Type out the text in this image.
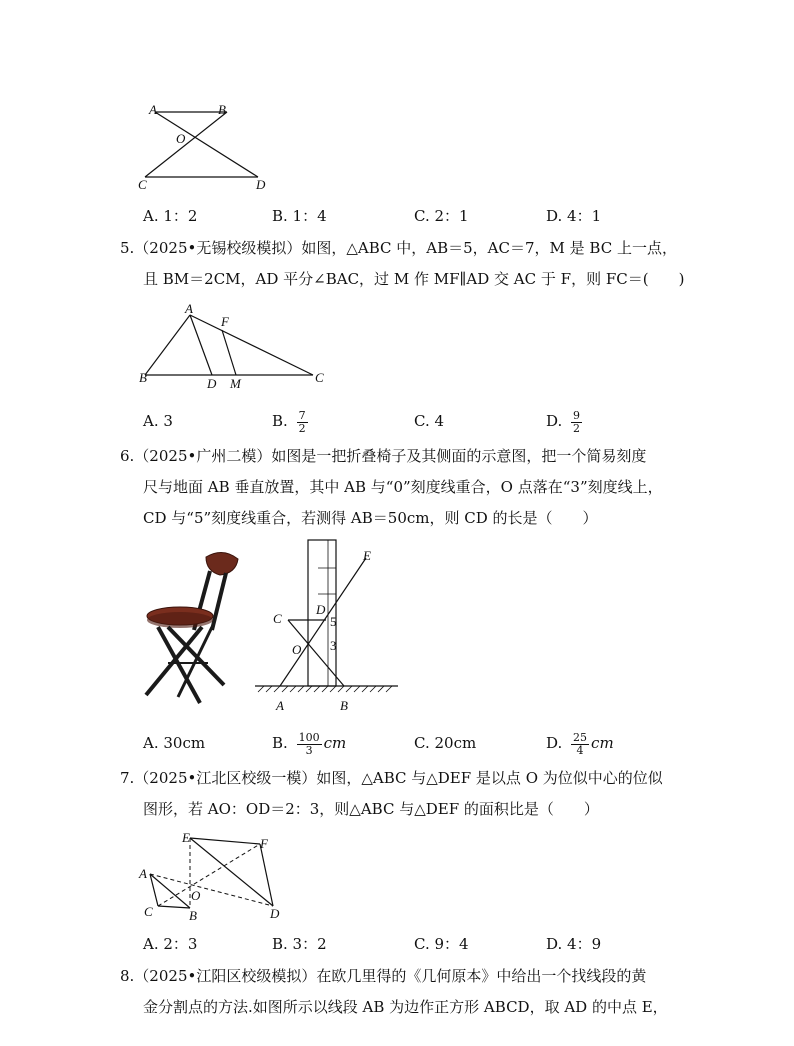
A	B
O
C	D
A. 1：2	B. 1：4	C. 2：1	D. 4：1
5.（2025•无锡校级模拟）如图，△ABC 中，AB＝5，AC＝7，M 是 BC 上一点，
且 BM＝2CM，AD 平分∠BAC，过 M 作 MF∥AD 交 AC 于 F，则 FC＝(　　)
A
F
B	D M	C
A. 3	B. $\frac{7}{2}$	C. 4	D. $\frac{9}{2}$
6.（2025•广州二模）如图是一把折叠椅子及其侧面的示意图，把一个简易刻度
尺与地面 AB 垂直放置，其中 AB 与“0”刻度线重合，O 点落在“3”刻度线上，
CD 与“5”刻度线重合，若测得 AB＝50cm，则 CD 的长是（　　）
E
C
D
5
O 3
A	B
A. 30cm	B. $\frac{100}{3}$ cm	C. 20cm	D. $\frac{25}{4}$ cm
7.（2025•江北区校级一模）如图，△ABC 与△DEF 是以点 O 为位似中心的位似
图形，若 AO：OD＝2：3，则△ABC 与△DEF 的面积比是（　　）
E	F
A
O
C	B	D
A. 2：3	B. 3：2	C. 9：4	D. 4：9
8.（2025•江阳区校级模拟）在欧几里得的《几何原本》中给出一个找线段的黄
金分割点的方法.如图所示以线段 AB 为边作正方形 ABCD，取 AD 的中点 E，
